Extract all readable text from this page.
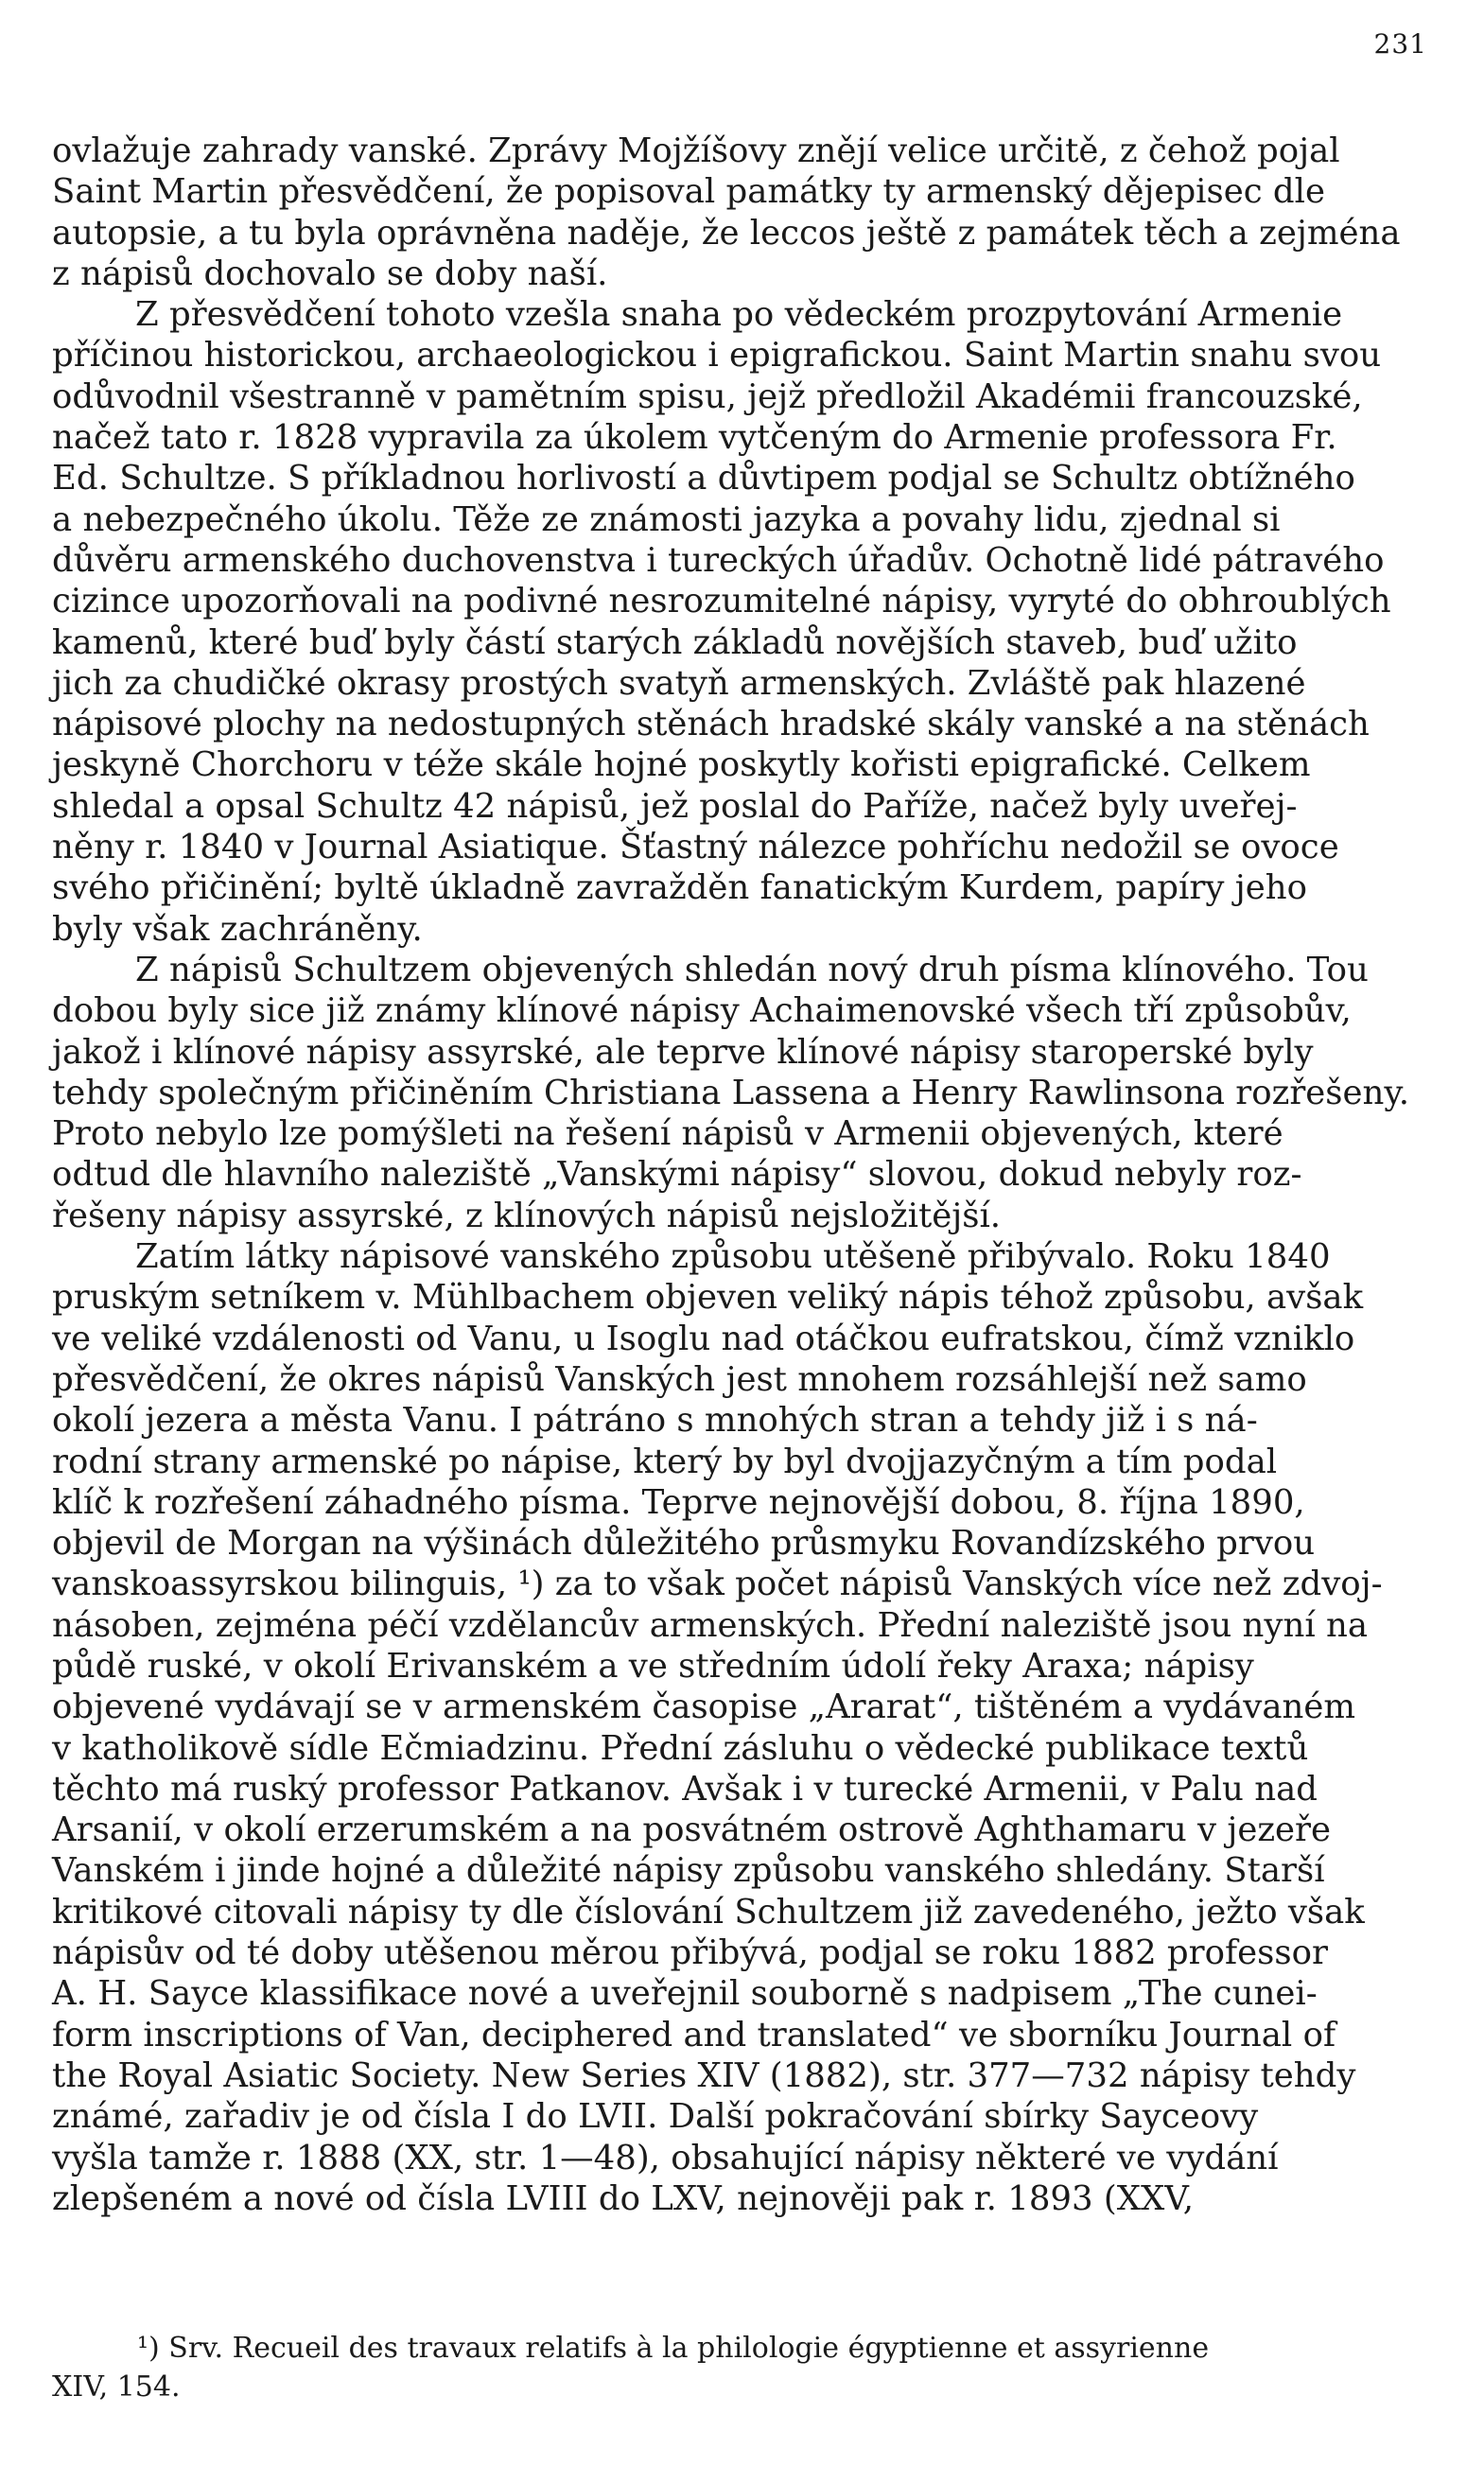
231
ovlažuje zahrady vanské. Zprávy Mojžíšovy znějí velice určitě, z čehož pojal
Saint Martin přesvědčení, že popisoval památky ty armenský dějepisec dle
autopsie, a tu byla oprávněna naděje, že leccos ještě z památek těch a zejména
z nápisů dochovalo se doby naší.
Z přesvědčení tohoto vzešla snaha po vědeckém prozpytování Armenie
příčinou historickou, archaeologickou i epigrafickou. Saint Martin snahu svou
odůvodnil všestranně v pamětním spisu, jejž předložil Akadémii francouzské,
načež tato r. 1828 vypravila za úkolem vytčeným do Armenie professora Fr.
Ed. Schultze. S příkladnou horlivostí a důvtipem podjal se Schultz obtížného
a nebezpečného úkolu. Těže ze známosti jazyka a povahy lidu, zjednal si
důvěru armenského duchovenstva i tureckých úřadův. Ochotně lidé pátravého
cizince upozorňovali na podivné nesrozumitelné nápisy, vyryté do obhroublých
kamenů, které buď byly částí starých základů novějších staveb, buď užito
jich za chudičké okrasy prostých svatyň armenských. Zvláště pak hlazené
nápisové plochy na nedostupných stěnách hradské skály vanské a na stěnách
jeskyně Chorchoru v téže skále hojné poskytly kořisti epigrafické. Celkem
shledal a opsal Schultz 42 nápisů, jež poslal do Paříže, načež byly uveřej-
něny r. 1840 v Journal Asiatique. Šťastný nálezce pohříchu nedožil se ovoce
svého přičinění; byltě úkladně zavražděn fanatickým Kurdem, papíry jeho
byly však zachráněny.
Z nápisů Schultzem objevených shledán nový druh písma klínového. Tou
dobou byly sice již známy klínové nápisy Achaimenovské všech tří způsobův,
jakož i klínové nápisy assyrské, ale teprve klínové nápisy staroperské byly
tehdy společným přičiněním Christiana Lassena a Henry Rawlinsona rozřešeny.
Proto nebylo lze pomýšleti na řešení nápisů v Armenii objevených, které
odtud dle hlavního naleziště „Vanskými nápisy“ slovou, dokud nebyly roz-
řešeny nápisy assyrské, z klínových nápisů nejsložitější.
Zatím látky nápisové vanského způsobu utěšeně přibývalo. Roku 1840
pruským setníkem v. Mühlbachem objeven veliký nápis téhož způsobu, avšak
ve veliké vzdálenosti od Vanu, u Isoglu nad otáčkou eufratskou, čímž vzniklo
přesvědčení, že okres nápisů Vanských jest mnohem rozsáhlejší než samo
okolí jezera a města Vanu. I pátráno s mnohých stran a tehdy již i s ná-
rodní strany armenské po nápise, který by byl dvojjazyčným a tím podal
klíč k rozřešení záhadného písma. Teprve nejnovější dobou, 8. října 1890,
objevil de Morgan na výšinách důležitého průsmyku Rovandízského prvou
vanskoassyrskou bilinguis, ¹) za to však počet nápisů Vanských více než zdvoj-
násoben, zejména péčí vzdělancův armenských. Přední naleziště jsou nyní na
půdě ruské, v okolí Erivanském a ve středním údolí řeky Araxa; nápisy
objevené vydávají se v armenském časopise „Ararat“, tištěném a vydávaném
v katholikově sídle Ečmiadzinu. Přední zásluhu o vědecké publikace textů
těchto má ruský professor Patkanov. Avšak i v turecké Armenii, v Palu nad
Arsanií, v okolí erzerumském a na posvátném ostrově Aghthamaru v jezeře
Vanském i jinde hojné a důležité nápisy způsobu vanského shledány. Starší
kritikové citovali nápisy ty dle číslování Schultzem již zavedeného, ježto však
nápisův od té doby utěšenou měrou přibývá, podjal se roku 1882 professor
A. H. Sayce klassifikace nové a uveřejnil souborně s nadpisem „The cunei-
form inscriptions of Van, deciphered and translated“ ve sborníku Journal of
the Royal Asiatic Society. New Series XIV (1882), str. 377—732 nápisy tehdy
známé, zařadiv je od čísla I do LVII. Další pokračování sbírky Sayceovy
vyšla tamže r. 1888 (XX, str. 1—48), obsahující nápisy některé ve vydání
zlepšeném a nové od čísla LVIII do LXV, nejnověji pak r. 1893 (XXV,
¹) Srv. Recueil des travaux relatifs à la philologie égyptienne et assyrienne
XIV, 154.
